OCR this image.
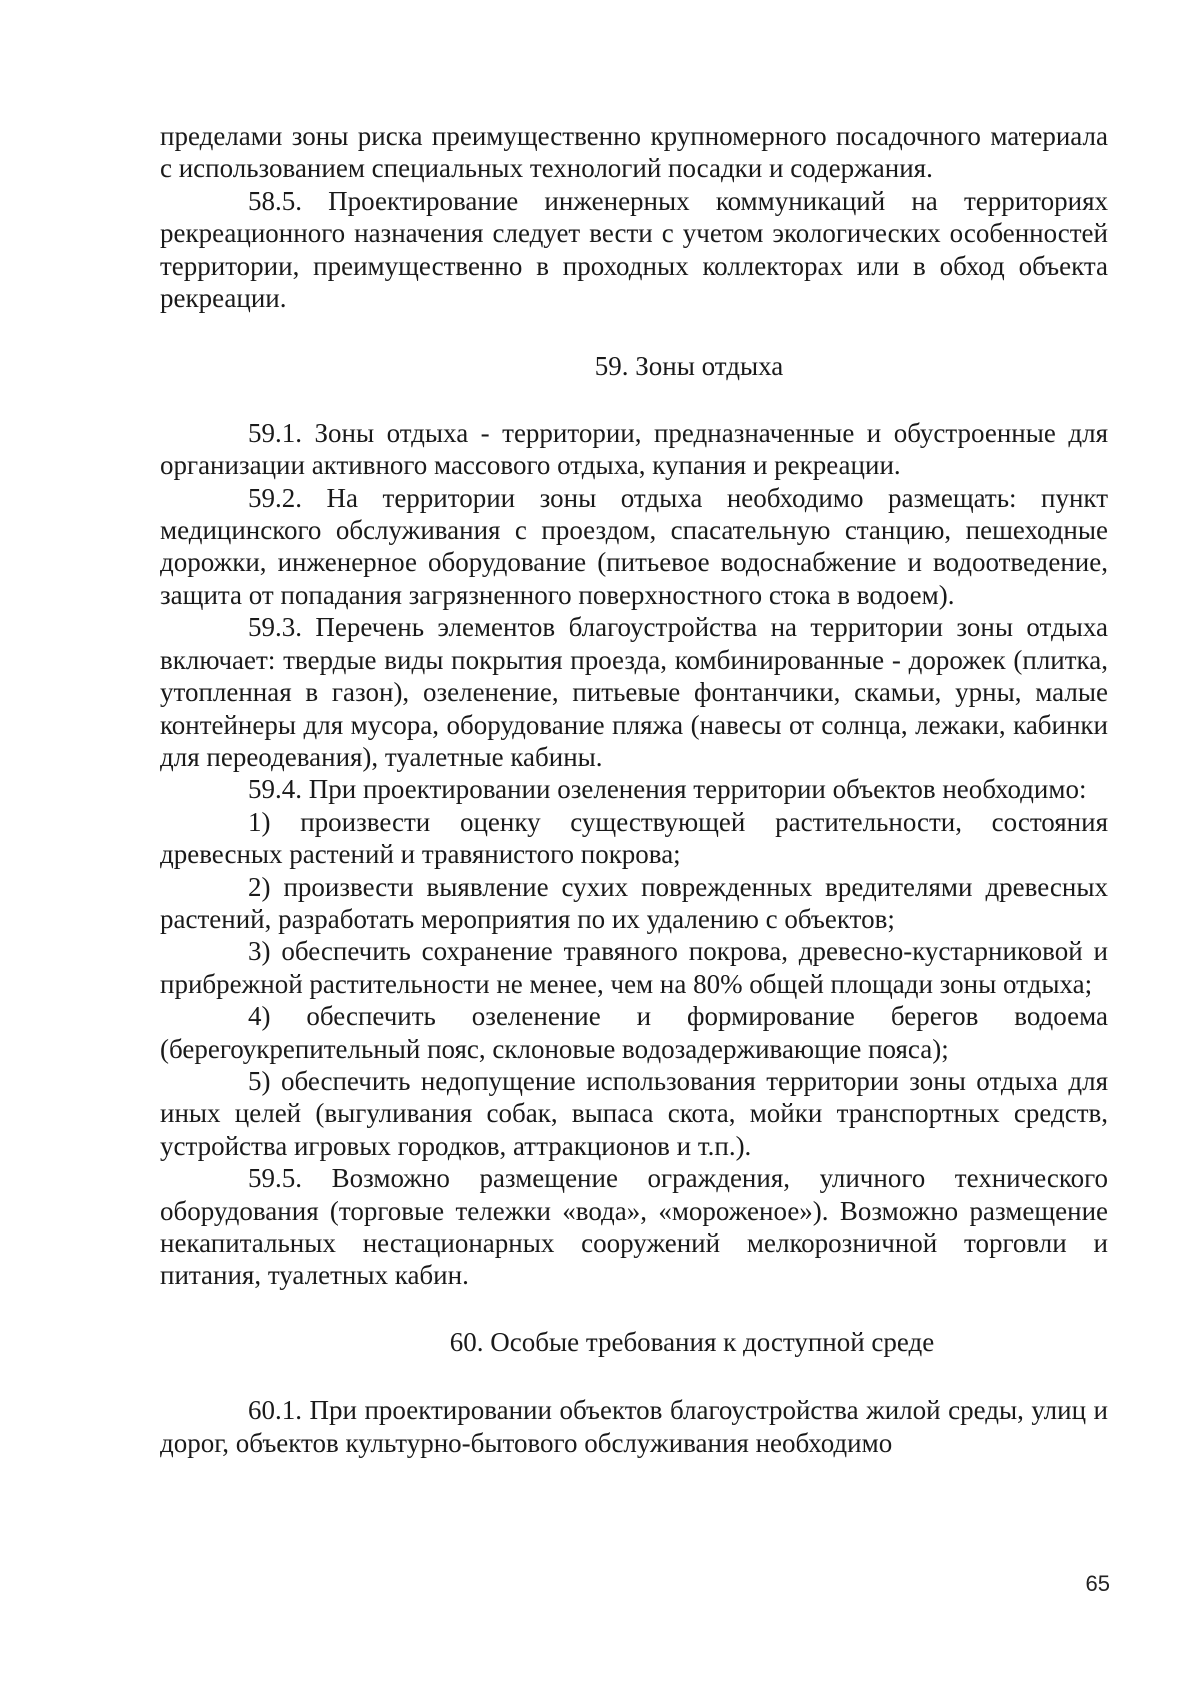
пределами зоны риска преимущественно крупномерного посадочного материала с использованием специальных технологий посадки и содержания.

58.5. Проектирование инженерных коммуникаций на территориях рекреационного назначения следует вести с учетом экологических особенностей территории, преимущественно в проходных коллекторах или в обход объекта рекреации.

59. Зоны отдыха

59.1. Зоны отдыха - территории, предназначенные и обустроенные для организации активного массового отдыха, купания и рекреации.

59.2. На территории зоны отдыха необходимо размещать: пункт медицинского обслуживания с проездом, спасательную станцию, пешеходные дорожки, инженерное оборудование (питьевое водоснабжение и водоотведение, защита от попадания загрязненного поверхностного стока в водоем).

59.3. Перечень элементов благоустройства на территории зоны отдыха включает: твердые виды покрытия проезда, комбинированные - дорожек (плитка, утопленная в газон), озеленение, питьевые фонтанчики, скамьи, урны, малые контейнеры для мусора, оборудование пляжа (навесы от солнца, лежаки, кабинки для переодевания), туалетные кабины.

59.4. При проектировании озеленения территории объектов необходимо:

1) произвести оценку существующей растительности, состояния древесных растений и травянистого покрова;

2) произвести выявление сухих поврежденных вредителями древесных растений, разработать мероприятия по их удалению с объектов;

3) обеспечить сохранение травяного покрова, древесно-кустарниковой и прибрежной растительности не менее, чем на 80% общей площади зоны отдыха;

4) обеспечить озеленение и формирование берегов водоема (берегоукрепительный пояс, склоновые водозадерживающие пояса);

5) обеспечить недопущение использования территории зоны отдыха для иных целей (выгуливания собак, выпаса скота, мойки транспортных средств, устройства игровых городков, аттракционов и т.п.).

59.5. Возможно размещение ограждения, уличного технического оборудования (торговые тележки «вода», «мороженое»). Возможно размещение некапитальных нестационарных сооружений мелкорозничной торговли и питания, туалетных кабин.

60. Особые требования к доступной среде

60.1. При проектировании объектов благоустройства жилой среды, улиц и дорог, объектов культурно-бытового обслуживания необходимо

65
